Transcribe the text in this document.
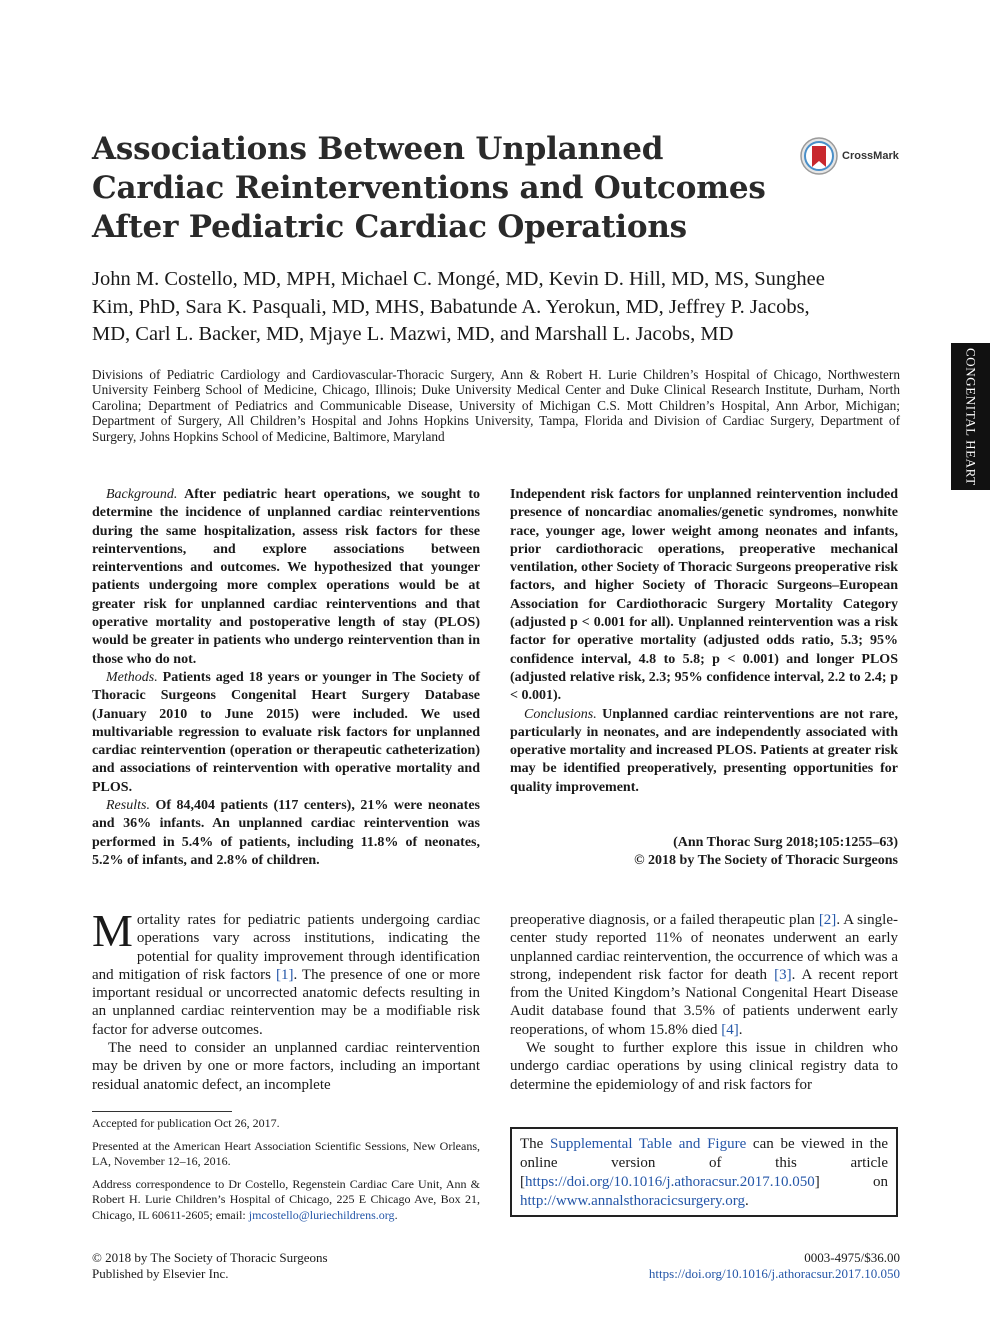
Associations Between Unplanned Cardiac Reinterventions and Outcomes After Pediatric Cardiac Operations
CrossMark
John M. Costello, MD, MPH, Michael C. Mongé, MD, Kevin D. Hill, MD, MS, Sunghee Kim, PhD, Sara K. Pasquali, MD, MHS, Babatunde A. Yerokun, MD, Jeffrey P. Jacobs, MD, Carl L. Backer, MD, Mjaye L. Mazwi, MD, and Marshall L. Jacobs, MD
Divisions of Pediatric Cardiology and Cardiovascular-Thoracic Surgery, Ann & Robert H. Lurie Children’s Hospital of Chicago, Northwestern University Feinberg School of Medicine, Chicago, Illinois; Duke University Medical Center and Duke Clinical Research Institute, Durham, North Carolina; Department of Pediatrics and Communicable Disease, University of Michigan C.S. Mott Children’s Hospital, Ann Arbor, Michigan; Department of Surgery, All Children’s Hospital and Johns Hopkins University, Tampa, Florida and Division of Cardiac Surgery, Department of Surgery, Johns Hopkins School of Medicine, Baltimore, Maryland	CONGENITAL HEART

Background. After pediatric heart operations, we sought to determine the incidence of unplanned cardiac reinterventions during the same hospitalization, assess risk factors for these reinterventions, and explore associations between reinterventions and outcomes. We hypothesized that younger patients undergoing more complex operations would be at greater risk for unplanned cardiac reinterventions and that operative mortality and postoperative length of stay (PLOS) would be greater in patients who undergo reintervention than in those who do not.

Methods. Patients aged 18 years or younger in The Society of Thoracic Surgeons Congenital Heart Surgery Database (January 2010 to June 2015) were included. We used multivariable regression to evaluate risk factors for unplanned cardiac reintervention (operation or therapeutic catheterization) and associations of reintervention with operative mortality and PLOS.

Results. Of 84,404 patients (117 centers), 21% were neonates and 36% infants. An unplanned cardiac reintervention was performed in 5.4% of patients, including 11.8% of neonates, 5.2% of infants, and 2.8% of children.

Independent risk factors for unplanned reintervention included presence of noncardiac anomalies/genetic syndromes, nonwhite race, younger age, lower weight among neonates and infants, prior cardiothoracic operations, preoperative mechanical ventilation, other Society of Thoracic Surgeons preoperative risk factors, and higher Society of Thoracic Surgeons–European Association for Cardiothoracic Surgery Mortality Category (adjusted p < 0.001 for all). Unplanned reintervention was a risk factor for operative mortality (adjusted odds ratio, 5.3; 95% confidence interval, 4.8 to 5.8; p < 0.001) and longer PLOS (adjusted relative risk, 2.3; 95% confidence interval, 2.2 to 2.4; p < 0.001).

Conclusions. Unplanned cardiac reinterventions are not rare, particularly in neonates, and are independently associated with operative mortality and increased PLOS. Patients at greater risk may be identified preoperatively, presenting opportunities for quality improvement.

(Ann Thorac Surg 2018;105:1255–63)
© 2018 by The Society of Thoracic Surgeons

Mortality rates for pediatric patients undergoing cardiac operations vary across institutions, indicating the potential for quality improvement through identification and mitigation of risk factors [1]. The presence of one or more important residual or uncorrected anatomic defects resulting in an unplanned cardiac reintervention may be a modifiable risk factor for adverse outcomes.

The need to consider an unplanned cardiac reintervention may be driven by one or more factors, including an important residual anatomic defect, an incomplete

preoperative diagnosis, or a failed therapeutic plan [2]. A single-center study reported 11% of neonates underwent an early unplanned cardiac reintervention, the occurrence of which was a strong, independent risk factor for death [3]. A recent report from the United Kingdom’s National Congenital Heart Disease Audit database found that 3.5% of patients underwent early reoperations, of whom 15.8% died [4].

We sought to further explore this issue in children who undergo cardiac operations by using clinical registry data to determine the epidemiology of and risk factors for

Accepted for publication Oct 26, 2017.

Presented at the American Heart Association Scientific Sessions, New Orleans, LA, November 12–16, 2016.

Address correspondence to Dr Costello, Regenstein Cardiac Care Unit, Ann & Robert H. Lurie Children’s Hospital of Chicago, 225 E Chicago Ave, Box 21, Chicago, IL 60611-2605; email: jmcostello@luriechildrens.org.

The Supplemental Table and Figure can be viewed in the online version of this article [https://doi.org/10.1016/j.athoracsur.2017.10.050] on http://www.annalsthoracicsurgery.org.
© 2018 by The Society of Thoracic Surgeons
Published by Elsevier Inc.
0003-4975/$36.00
https://doi.org/10.1016/j.athoracsur.2017.10.050
